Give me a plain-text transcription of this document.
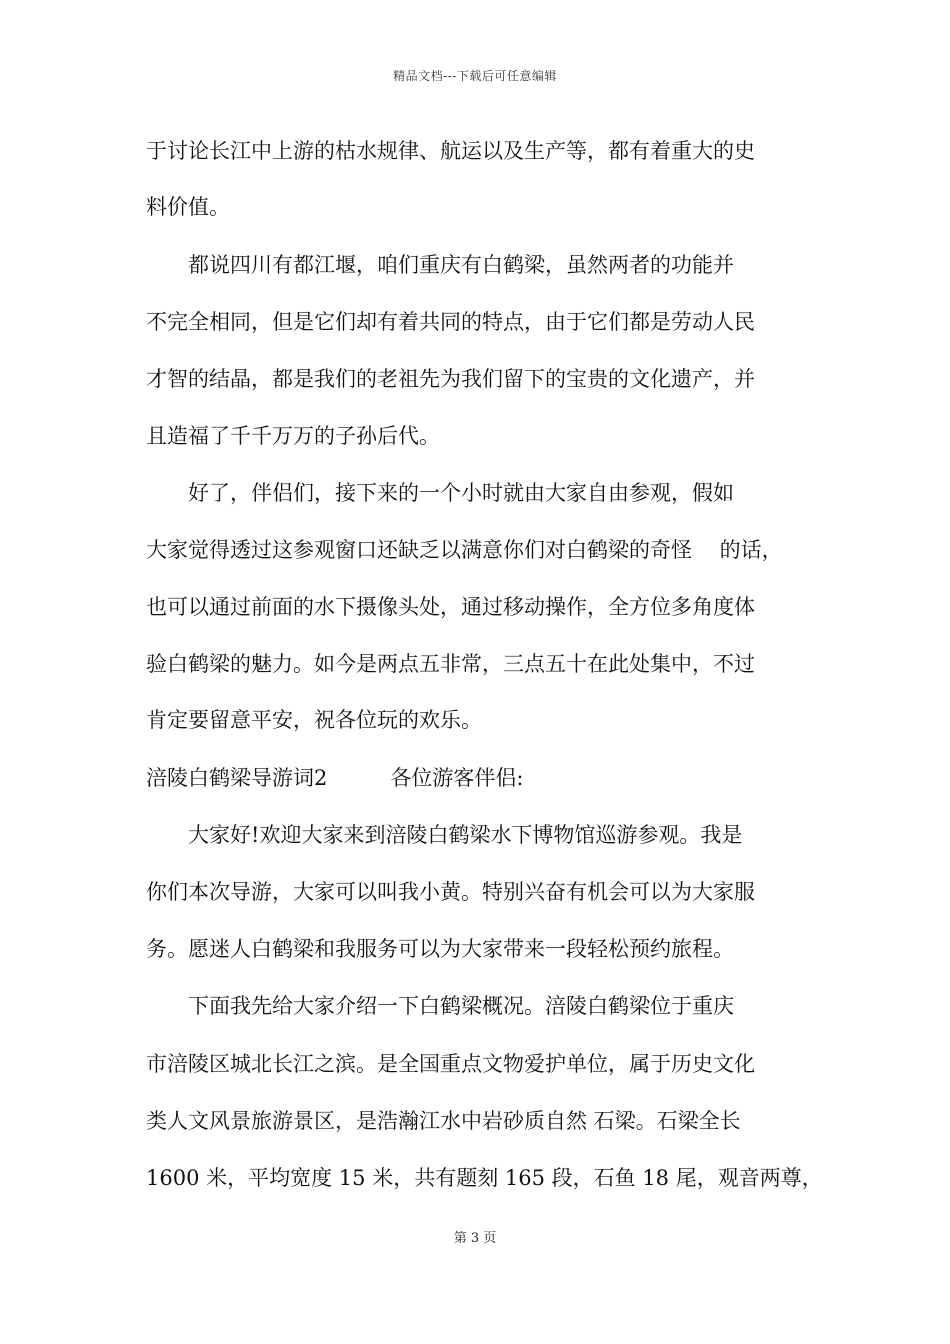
精品文档---下载后可任意编辑
于讨论长江中上游的枯水规律、航运以及生产等，都有着重大的史
料价值。
　　都说四川有都江堰，咱们重庆有白鹤梁，虽然两者的功能并
不完全相同，但是它们却有着共同的特点，由于它们都是劳动人民
才智的结晶，都是我们的老祖先为我们留下的宝贵的文化遗产，并
且造福了千千万万的子孙后代。
　　好了，伴侣们，接下来的一个小时就由大家自由参观，假如
大家觉得透过这参观窗口还缺乏以满意你们对白鹤梁的奇怪　 的话，
也可以通过前面的水下摄像头处，通过移动操作，全方位多角度体
验白鹤梁的魅力。如今是两点五非常，三点五十在此处集中，不过
肯定要留意平安，祝各位玩的欢乐。
涪陵白鹤梁导游词2　　　各位游客伴侣:
　　大家好!欢迎大家来到涪陵白鹤梁水下博物馆巡游参观。我是
你们本次导游，大家可以叫我小黄。特别兴奋有机会可以为大家服
务。愿迷人白鹤梁和我服务可以为大家带来一段轻松预约旅程。
　　下面我先给大家介绍一下白鹤梁概况。涪陵白鹤梁位于重庆
市涪陵区城北长江之滨。是全国重点文物爱护单位，属于历史文化
类人文风景旅游景区，是浩瀚江水中岩砂质自然 石梁。石梁全长
1600 米，平均宽度 15 米，共有题刻 165 段，石鱼 18 尾，观音两尊，
第 3 页
